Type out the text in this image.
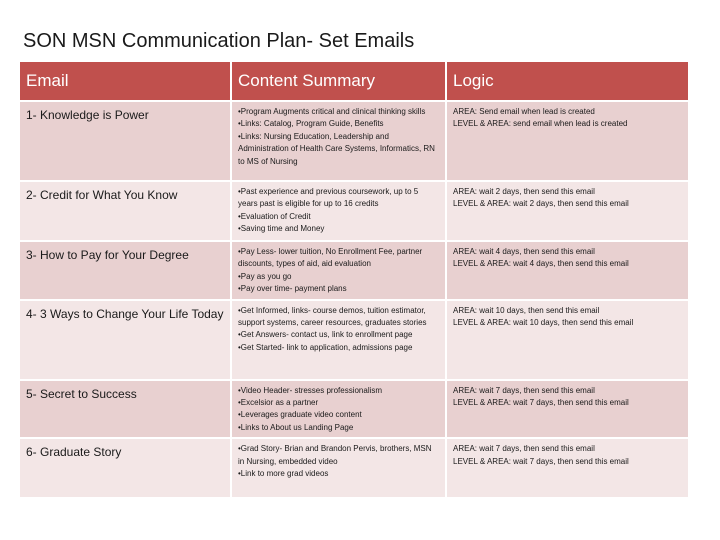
SON MSN Communication Plan- Set Emails
Email	Content Summary	Logic
1- Knowledge is Power	•Program Augments critical and clinical thinking skills
•Links: Catalog, Program Guide, Benefits
•Links: Nursing Education, Leadership and Administration of Health Care Systems, Informatics, RN to MS of Nursing	AREA: Send email when lead is created
LEVEL & AREA: send email when lead is created

2- Credit for What You Know	•Past experience and previous coursework, up to 5 years past is eligible for up to 16 credits
•Evaluation of Credit
•Saving time and Money	AREA: wait 2 days, then send this email
LEVEL & AREA: wait 2 days, then send this email

3- How to Pay for Your Degree	•Pay Less- lower tuition, No Enrollment Fee, partner discounts, types of aid, aid evaluation
•Pay as you go
•Pay over time- payment plans	AREA: wait 4 days, then send this email
LEVEL & AREA: wait 4 days, then send this email

4- 3 Ways to Change Your Life Today	•Get Informed, links- course demos, tuition estimator, support systems, career resources, graduates stories
•Get Answers- contact us, link to enrollment page
•Get Started- link to application, admissions page	AREA: wait 10 days, then send this email
LEVEL & AREA: wait 10 days, then send this email

5- Secret to Success	•Video Header- stresses professionalism
•Excelsior as a partner
•Leverages graduate video content
•Links to About us Landing Page	AREA: wait 7 days, then send this email
LEVEL & AREA: wait 7 days, then send this email

6- Graduate Story	•Grad Story- Brian and Brandon Pervis, brothers, MSN in Nursing, embedded video
•Link to more grad videos	AREA: wait 7 days, then send this email
LEVEL & AREA: wait 7 days, then send this email
